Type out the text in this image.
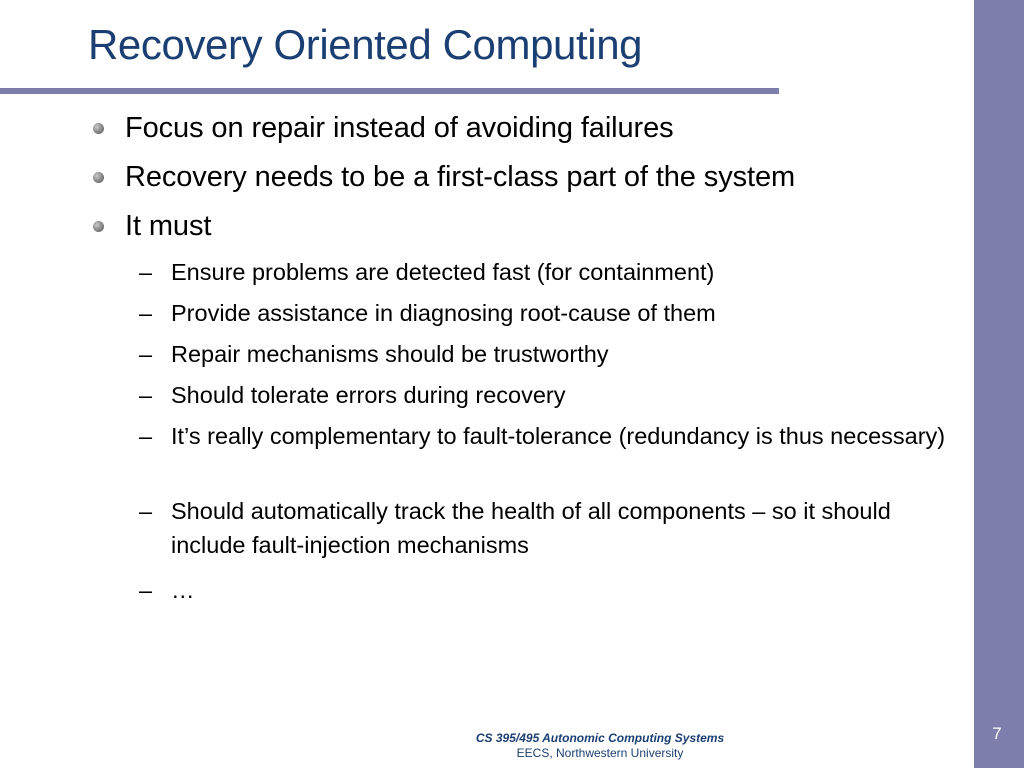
7
Recovery Oriented Computing
Focus on repair instead of avoiding failures
Recovery needs to be a first-class part of the system
It must
– Ensure problems are detected fast (for containment)
– Provide assistance in diagnosing root-cause of them
– Repair mechanisms should be trustworthy
– Should tolerate errors during recovery
– It’s really complementary to fault-tolerance (redundancy is thus necessary)
– Should automatically track the health of all components – so it should include fault-injection mechanisms
– …
CS 395/495 Autonomic Computing Systems
EECS, Northwestern University
